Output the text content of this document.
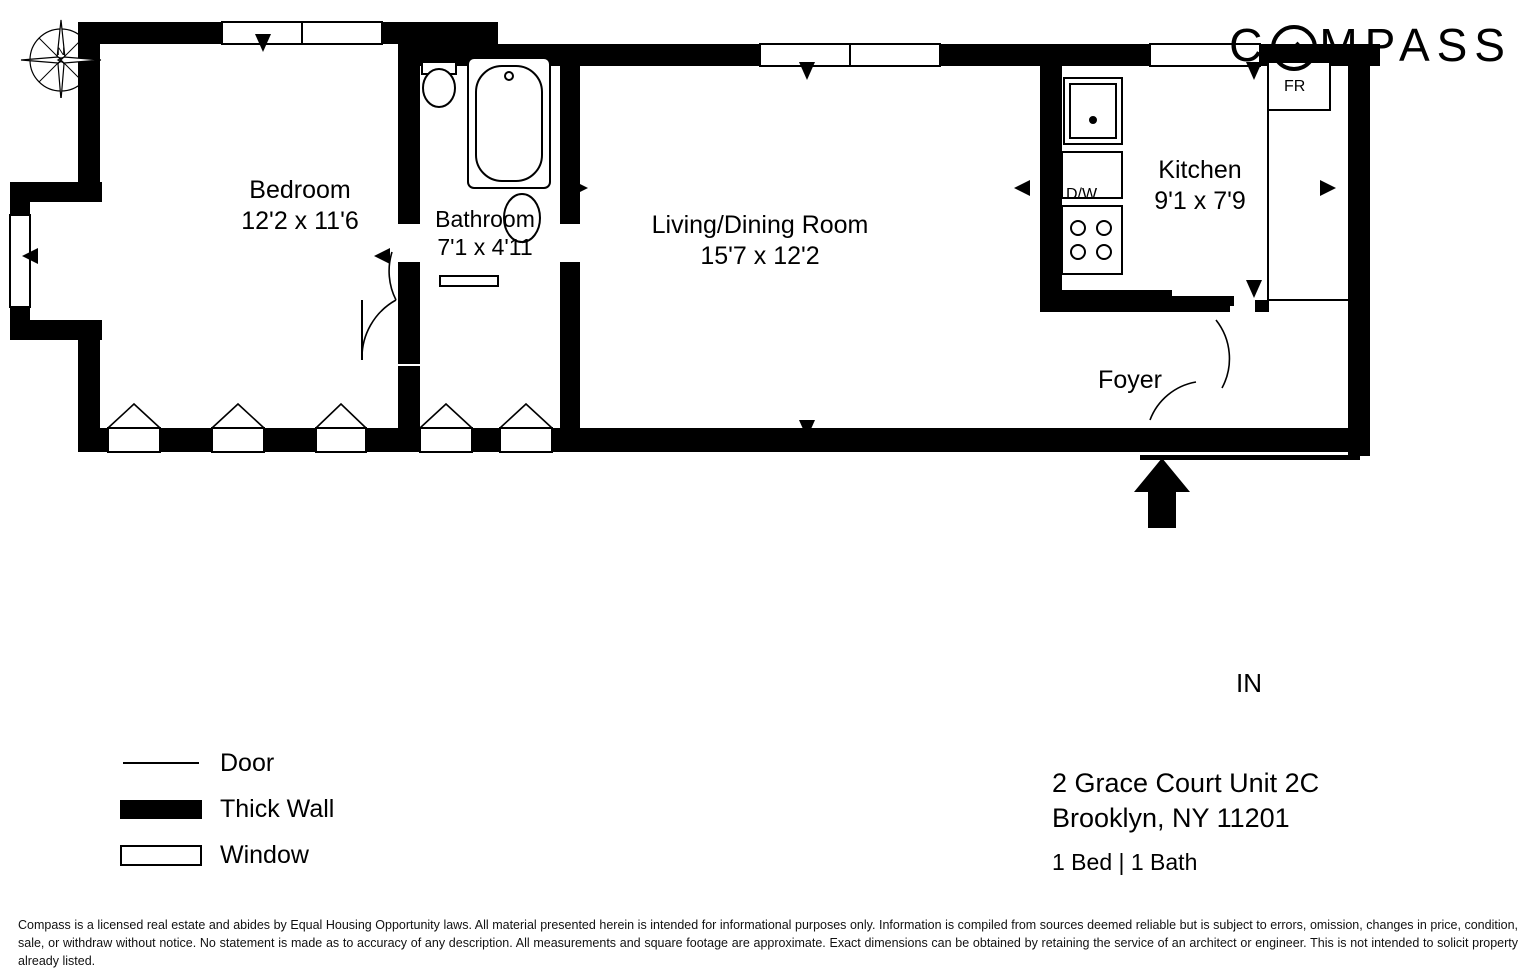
N	C MPASS
Bedroom
12'2 x 11'6	Bathroom
7'1 x 4'11
Living/Dining Room
15'7 x 12'2
Kitchen
9'1 x 7'9
Foyer
D/W
FR
IN
Door
Thick Wall
Window
2 Grace Court Unit 2C
Brooklyn, NY 11201
1 Bed | 1 Bath
Compass is a licensed real estate and abides by Equal Housing Opportunity laws. All material presented herein is intended for informational purposes only. Information is compiled from sources deemed reliable but is subject to errors, omission, changes in price, condition, sale, or withdraw without notice. No statement is made as to accuracy of any description. All measurements and square footage are approximate. Exact dimensions can be obtained by retaining the service of an architect or engineer. This is not intended to solicit property already listed.
